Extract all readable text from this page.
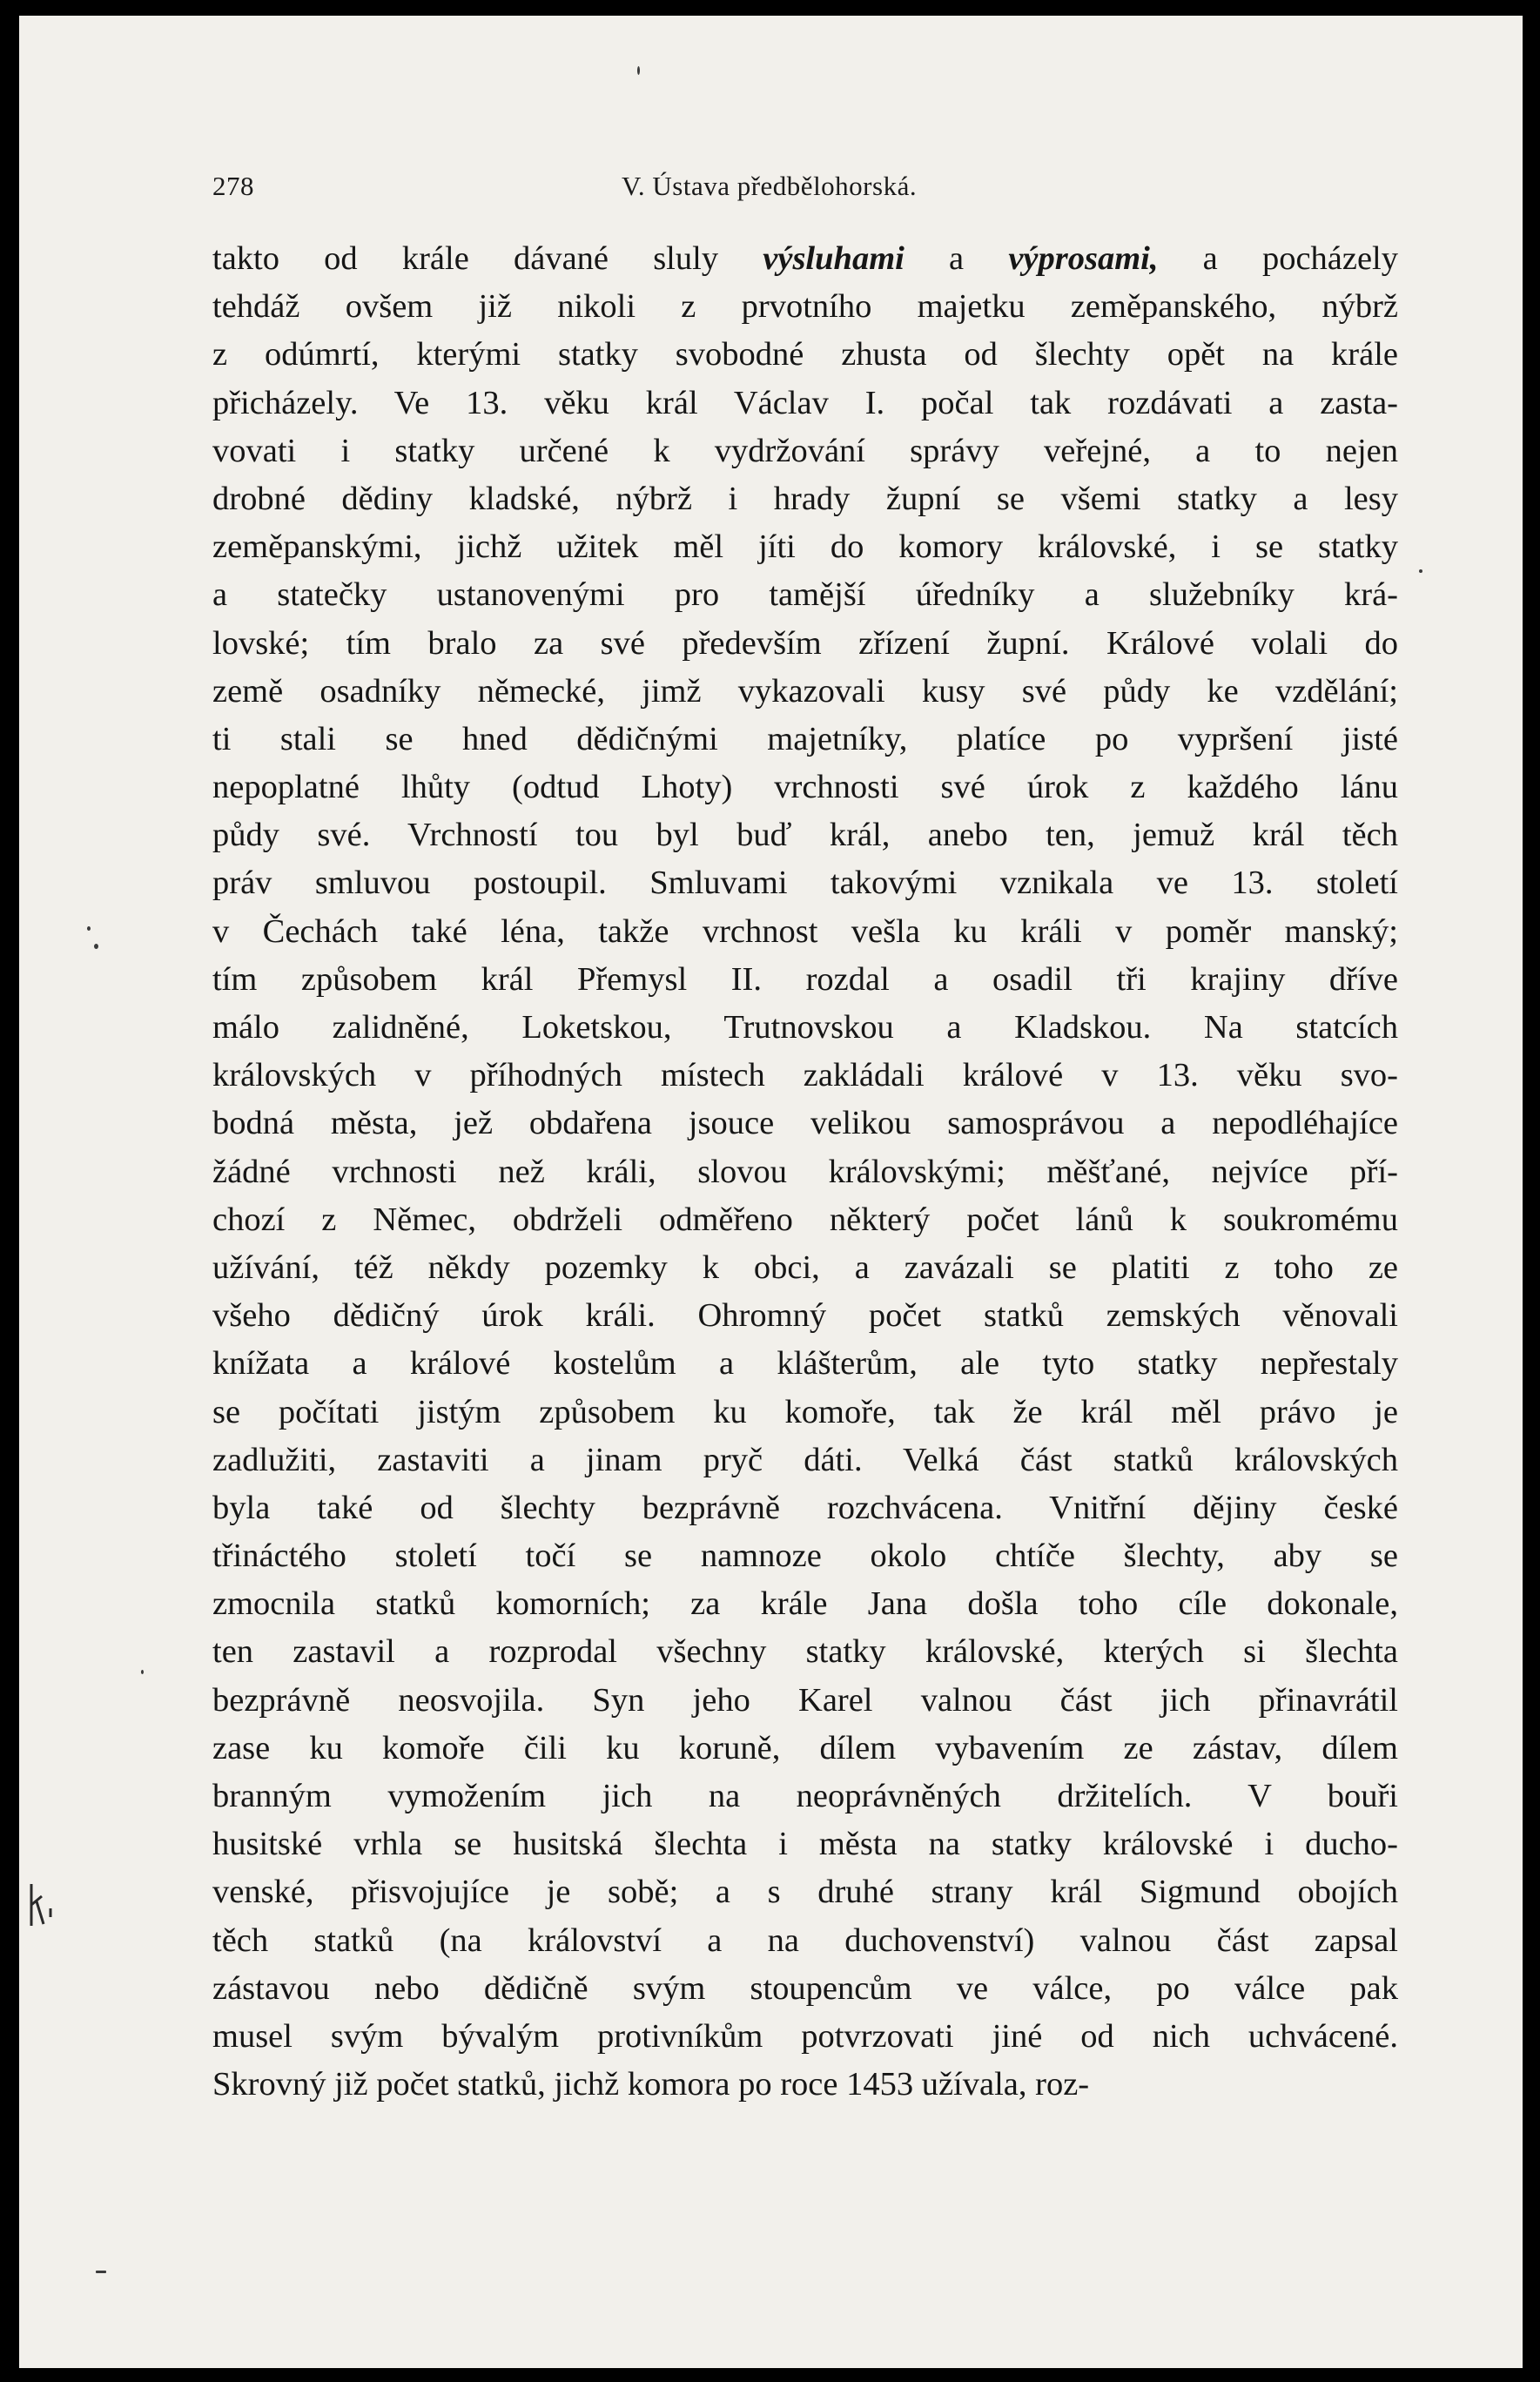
278	V. Ústava předbělohorská.
takto od krále dávané sluly výsluhami a výprosami, a pocházely
tehdáž ovšem již nikoli z prvotního majetku zeměpanského, nýbrž
z odúmrtí, kterými statky svobodné zhusta od šlechty opět na krále
přicházely. Ve 13. věku král Václav I. počal tak rozdávati a zasta-
vovati i statky určené k vydržování správy veřejné, a to nejen
drobné dědiny kladské, nýbrž i hrady župní se všemi statky a lesy
zeměpanskými, jichž užitek měl jíti do komory královské, i se statky
a statečky ustanovenými pro tamější úředníky a služebníky krá-
lovské; tím bralo za své především zřízení župní. Králové volali do
země osadníky německé, jimž vykazovali kusy své půdy ke vzdělání;
ti stali se hned dědičnými majetníky, platíce po vypršení jisté
nepoplatné lhůty (odtud Lhoty) vrchnosti své úrok z každého lánu
půdy své. Vrchností tou byl buď král, anebo ten, jemuž král těch
práv smluvou postoupil. Smluvami takovými vznikala ve 13. století
v Čechách také léna, takže vrchnost vešla ku králi v poměr manský;
tím způsobem král Přemysl II. rozdal a osadil tři krajiny dříve
málo zalidněné, Loketskou, Trutnovskou a Kladskou. Na statcích
královských v příhodných místech zakládali králové v 13. věku svo-
bodná města, jež obdařena jsouce velikou samosprávou a nepodléhajíce
žádné vrchnosti než králi, slovou královskými; měšťané, nejvíce pří-
chozí z Němec, obdrželi odměřeno některý počet lánů k soukromému
užívání, též někdy pozemky k obci, a zavázali se platiti z toho ze
všeho dědičný úrok králi. Ohromný počet statků zemských věnovali
knížata a králové kostelům a klášterům, ale tyto statky nepřestaly
se počítati jistým způsobem ku komoře, tak že král měl právo je
zadlužiti, zastaviti a jinam pryč dáti. Velká část statků královských
byla také od šlechty bezprávně rozchvácena. Vnitřní dějiny české
třináctého století točí se namnoze okolo chtíče šlechty, aby se
zmocnila statků komorních; za krále Jana došla toho cíle dokonale,
ten zastavil a rozprodal všechny statky královské, kterých si šlechta
bezprávně neosvojila. Syn jeho Karel valnou část jich přinavrátil
zase ku komoře čili ku koruně, dílem vybavením ze zástav, dílem
branným vymožením jich na neoprávněných držitelích. V bouři
husitské vrhla se husitská šlechta i města na statky královské i ducho-
venské, přisvojujíce je sobě; a s druhé strany král Sigmund obojích
těch statků (na království a na duchovenství) valnou část zapsal
zástavou nebo dědičně svým stoupencům ve válce, po válce pak
musel svým bývalým protivníkům potvrzovati jiné od nich uchvácené.
Skrovný již počet statků, jichž komora po roce 1453 užívala, roz-
